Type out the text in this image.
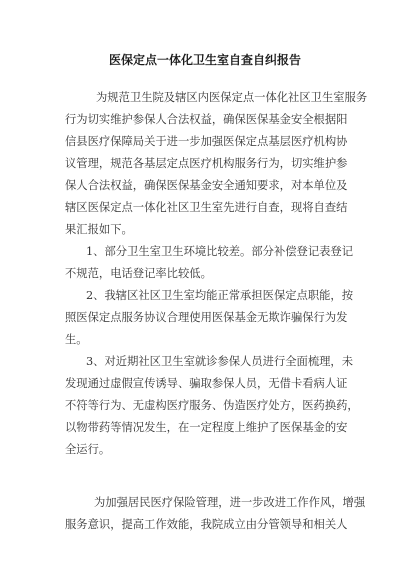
医保定点一体化卫生室自查自纠报告
为规范卫生院及辖区内医保定点一体化社区卫生室服务
行为切实维护参保人合法权益，确保医保基金安全根据阳
信县医疗保障局关于进一步加强医保定点基层医疗机构协
议管理，规范各基层定点医疗机构服务行为，切实维护参
保人合法权益，确保医保基金安全通知要求，对本单位及
辖区医保定点一体化社区卫生室先进行自查，现将自查结
果汇报如下。
1、部分卫生室卫生环境比较差。部分补偿登记表登记
不规范，电话登记率比较低。
2、我辖区社区卫生室均能正常承担医保定点职能，按
照医保定点服务协议合理使用医保基金无欺诈骗保行为发
生。
3、对近期社区卫生室就诊参保人员进行全面梳理，未
发现通过虚假宣传诱导、骗取参保人员，无借卡看病人证
不符等行为、无虚构医疗服务、伪造医疗处方，医药换药，
以物带药等情况发生，在一定程度上维护了医保基金的安
全运行。
为加强居民医疗保险管理，进一步改进工作作风，增强
服务意识，提高工作效能，我院成立由分管领导和相关人
